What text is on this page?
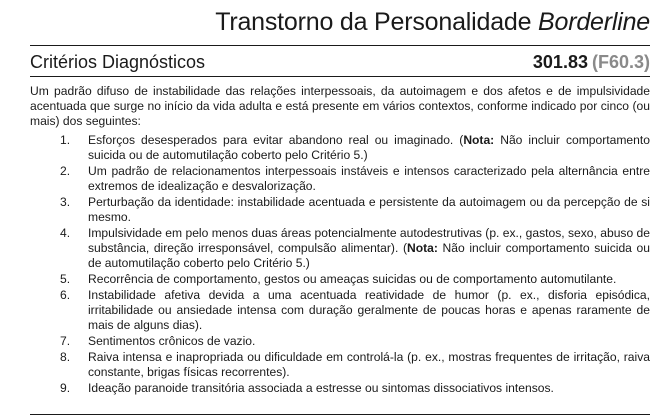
Transtorno da Personalidade Borderline
Critérios Diagnósticos	301.83 (F60.3)

Um padrão difuso de instabilidade das relações interpessoais, da autoimagem e dos afetos e de impulsividade acentuada que surge no início da vida adulta e está presente em vários contextos, conforme indicado por cinco (ou mais) dos seguintes:

1. Esforços desesperados para evitar abandono real ou imaginado. (Nota: Não incluir comportamento suicida ou de automutilação coberto pelo Critério 5.)
2. Um padrão de relacionamentos interpessoais instáveis e intensos caracterizado pela alternância entre extremos de idealização e desvalorização.
3. Perturbação da identidade: instabilidade acentuada e persistente da autoimagem ou da percepção de si mesmo.
4. Impulsividade em pelo menos duas áreas potencialmente autodestrutivas (p. ex., gastos, sexo, abuso de substância, direção irresponsável, compulsão alimentar). (Nota: Não incluir comportamento suicida ou de automutilação coberto pelo Critério 5.)
5. Recorrência de comportamento, gestos ou ameaças suicidas ou de comportamento automutilante.
6. Instabilidade afetiva devida a uma acentuada reatividade de humor (p. ex., disforia episódica, irritabilidade ou ansiedade intensa com duração geralmente de poucas horas e apenas raramente de mais de alguns dias).
7. Sentimentos crônicos de vazio.
8. Raiva intensa e inapropriada ou dificuldade em controlá-la (p. ex., mostras frequentes de irritação, raiva constante, brigas físicas recorrentes).
9. Ideação paranoide transitória associada a estresse ou sintomas dissociativos intensos.
